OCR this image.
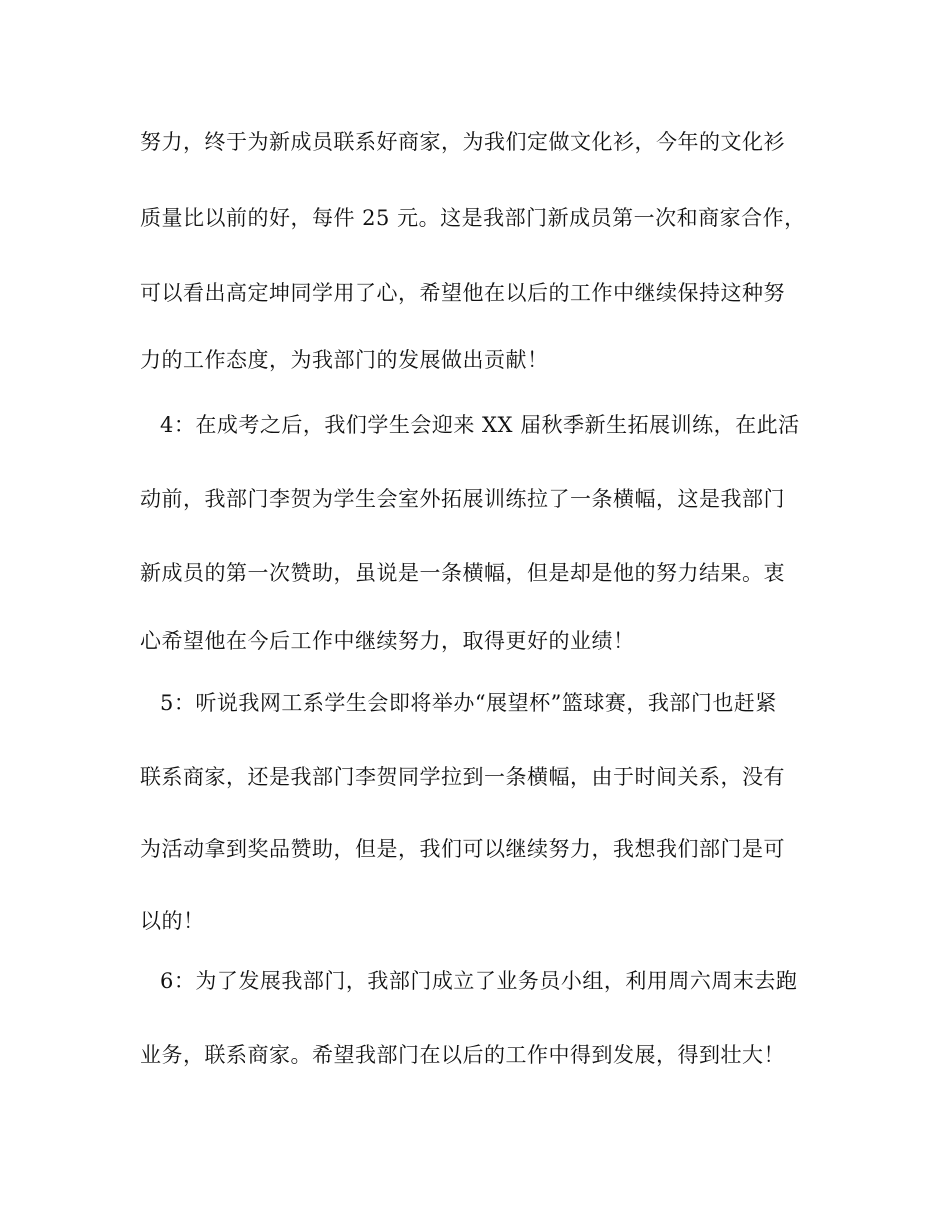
努力，终于为新成员联系好商家，为我们定做文化衫，今年的文化衫
质量比以前的好，每件 25 元。这是我部门新成员第一次和商家合作，
可以看出高定坤同学用了心，希望他在以后的工作中继续保持这种努
力的工作态度，为我部门的发展做出贡献！
4：在成考之后，我们学生会迎来 XX 届秋季新生拓展训练，在此活
动前，我部门李贺为学生会室外拓展训练拉了一条横幅，这是我部门
新成员的第一次赞助，虽说是一条横幅，但是却是他的努力结果。衷
心希望他在今后工作中继续努力，取得更好的业绩！
5：听说我网工系学生会即将举办“展望杯”篮球赛，我部门也赶紧
联系商家，还是我部门李贺同学拉到一条横幅，由于时间关系，没有
为活动拿到奖品赞助，但是，我们可以继续努力，我想我们部门是可
以的！
6：为了发展我部门，我部门成立了业务员小组，利用周六周末去跑
业务，联系商家。希望我部门在以后的工作中得到发展，得到壮大！
